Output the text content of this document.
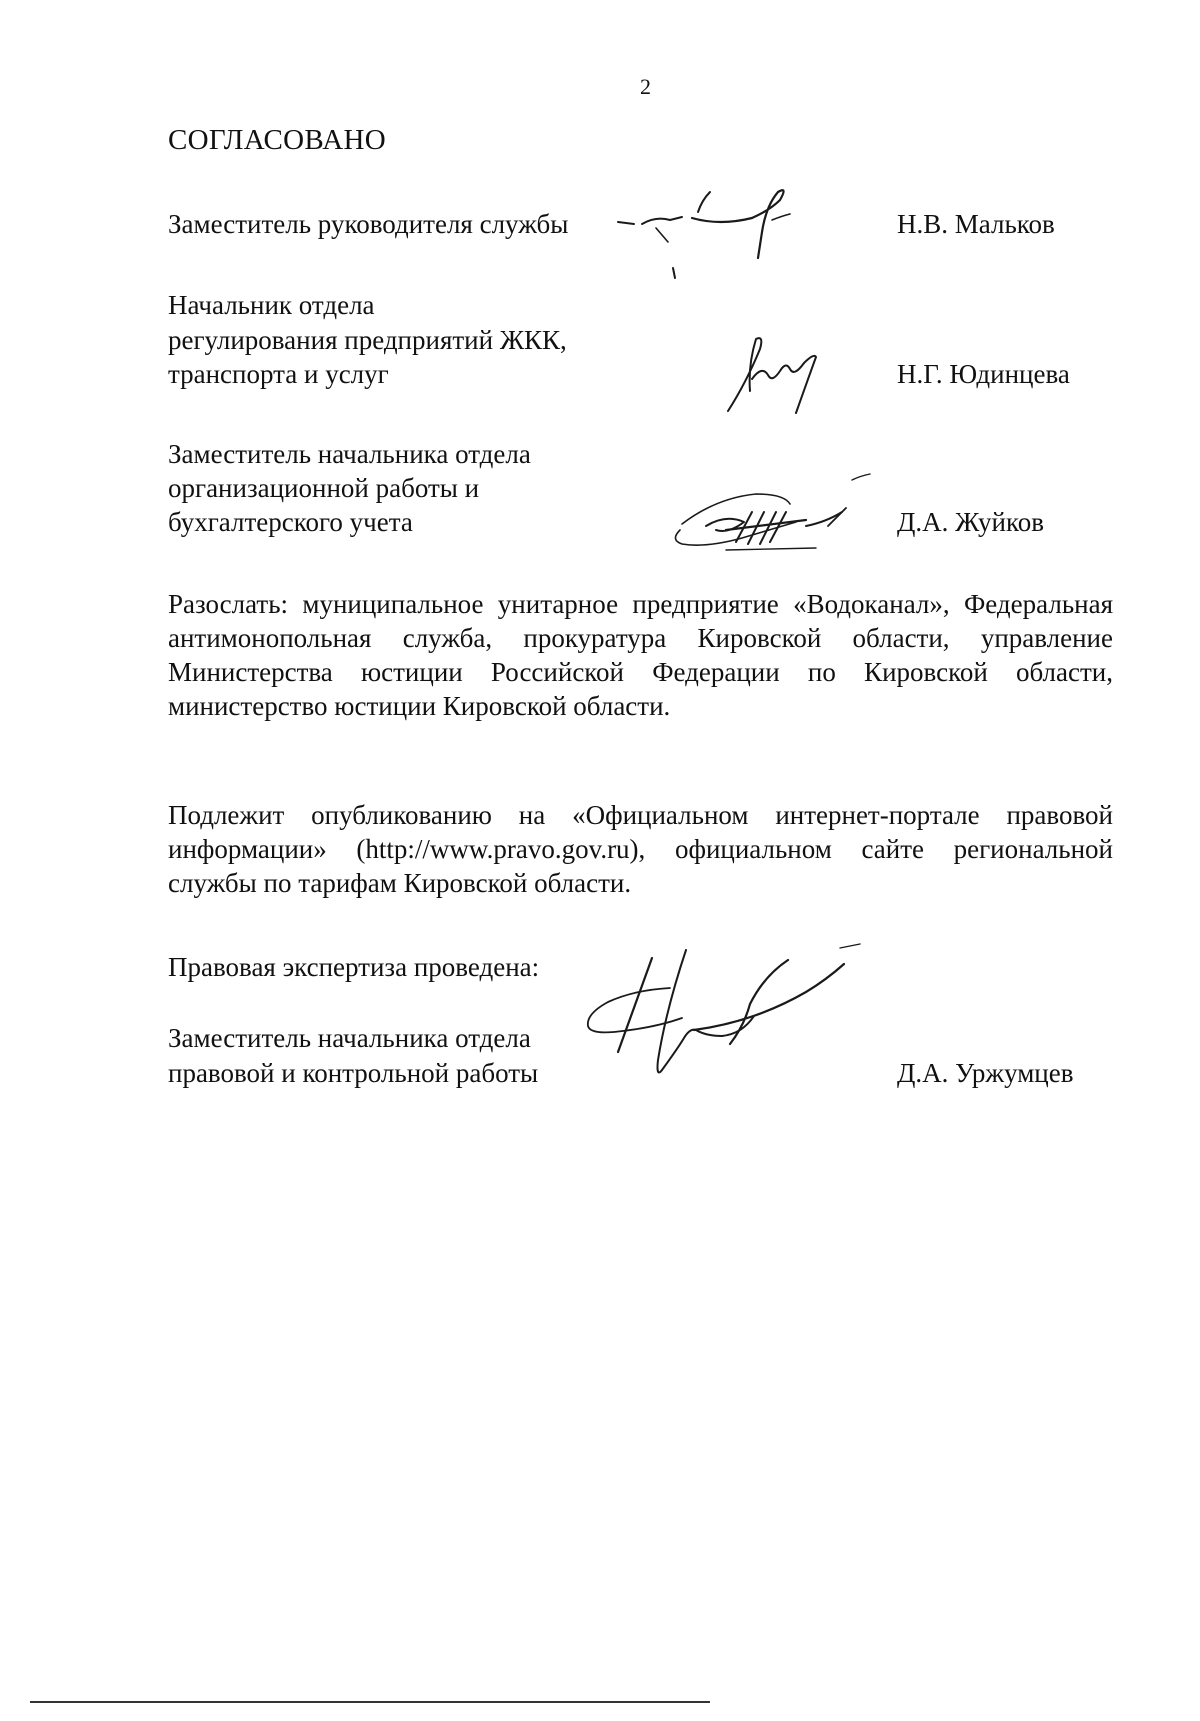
2
СОГЛАСОВАНО
Заместитель руководителя службы	Н.В. Мальков
Начальник отдела
регулирования предприятий ЖКК,
транспорта и услуг	Н.Г. Юдинцева
Заместитель начальника отдела
организационной работы и
бухгалтерского учета	Д.А. Жуйков
Разослать: муниципальное унитарное предприятие «Водоканал», Федеральная антимонопольная служба, прокуратура Кировской области, управление Министерства юстиции Российской Федерации по Кировской области, министерство юстиции Кировской области.
Подлежит опубликованию на «Официальном интернет-портале правовой информации» (http://www.pravo.gov.ru), официальном сайте региональной службы по тарифам Кировской области.
Правовая экспертиза проведена:
Заместитель начальника отдела
правовой и контрольной работы	Д.А. Уржумцев
